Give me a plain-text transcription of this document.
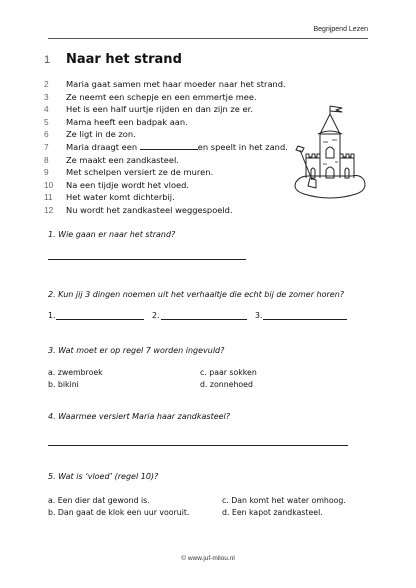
Begrijpend Lezen
1 Naar het strand
2	Maria gaat samen met haar moeder naar het strand.
3	Ze neemt een schepje en een emmertje mee.
4	Het is een half uurtje rijden en dan zijn ze er.
5	Mama heeft een badpak aan.
6	Ze ligt in de zon.
7	Maria draagt een	en speelt in het zand.
8	Ze maakt een zandkasteel.
9	Met schelpen versiert ze de muren.
10	Na een tijdje wordt het vloed.
11	Het water komt dichterbij.
12	Nu wordt het zandkasteel weggespoeld.
1. Wie gaan er naar het strand?
2. Kun jij 3 dingen noemen uit het verhaaltje die echt bij de zomer horen?
1.	2.	3.
3. Wat moet er op regel 7 worden ingevuld?
a. zwembroek
b. bikini
c. paar sokken
d. zonnehoed
4. Waarmee versiert Maria haar zandkasteel?
5. Wat is ‘vloed’ (regel 10)?
a. Een dier dat gewond is.
b. Dan gaat de klok een uur vooruit.
c. Dan komt het water omhoog.
d. Een kapot zandkasteel.
© www.juf-milou.nl
